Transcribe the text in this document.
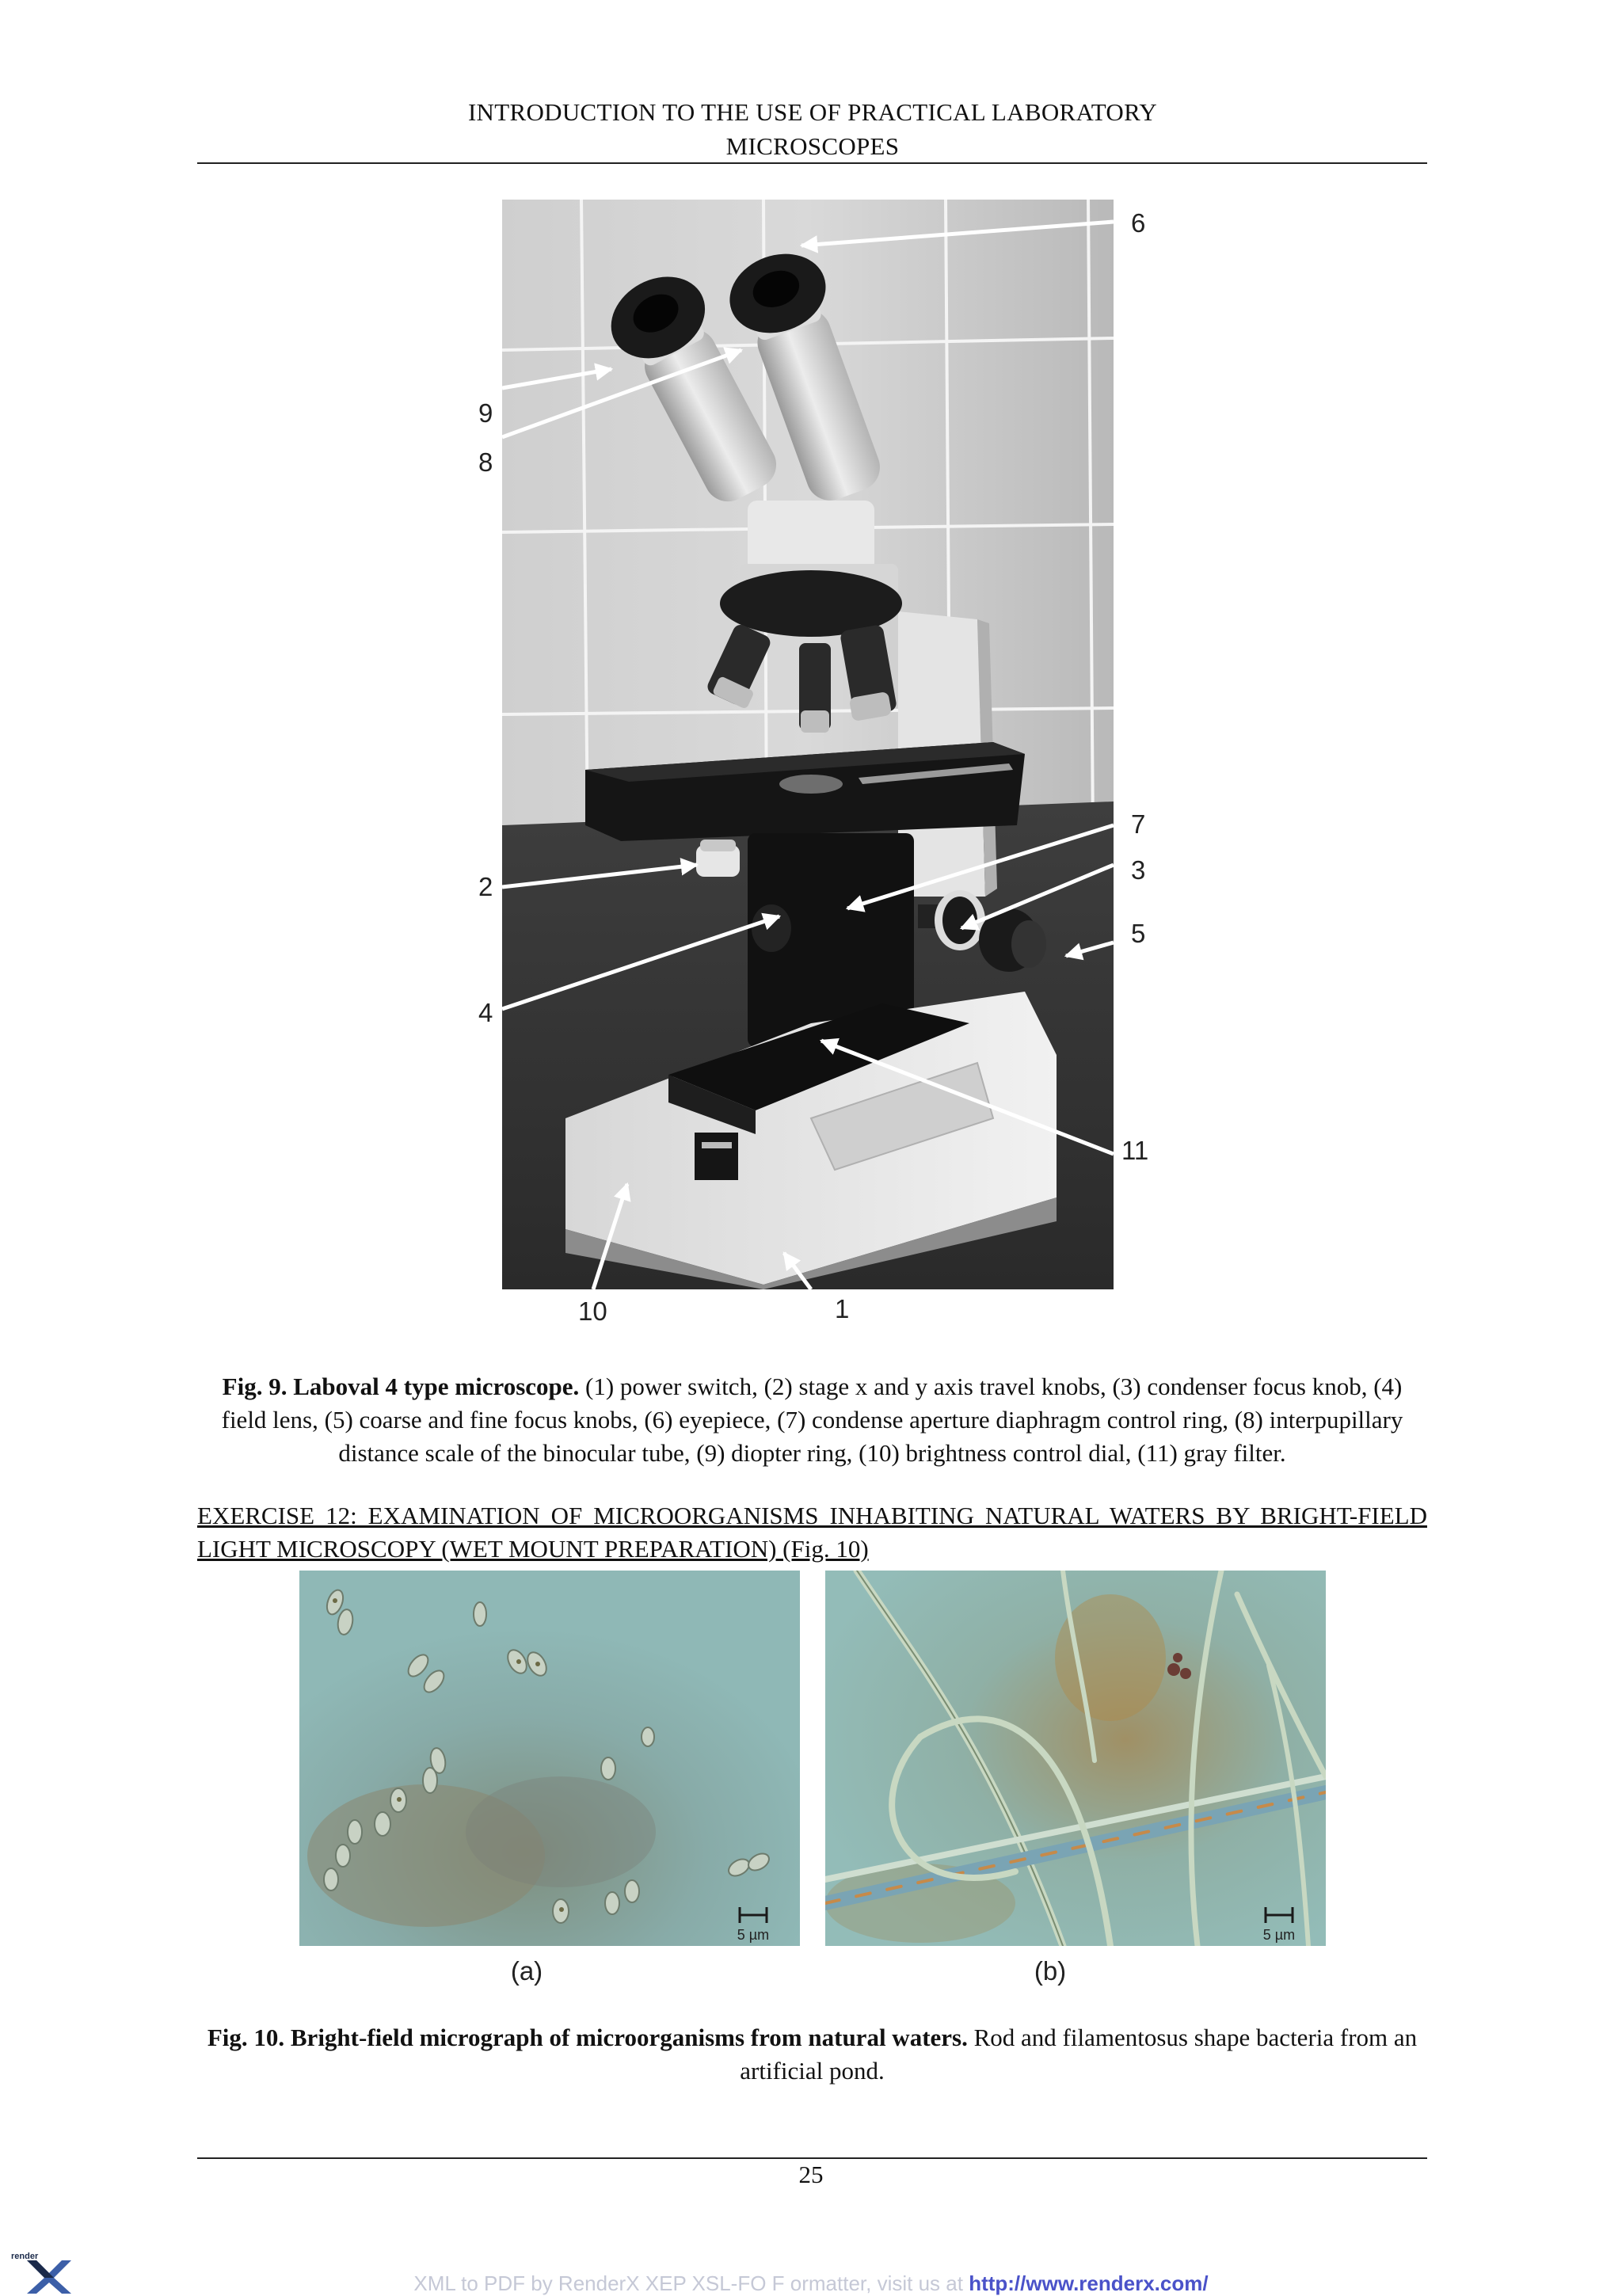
INTRODUCTION TO THE USE OF PRACTICAL LABORATORY
MICROSCOPES
6
9
8
7
3
2
5
4
11
10	1
Fig. 9. Laboval 4 type microscope. (1) power switch, (2) stage x and y axis travel knobs, (3) condenser focus knob, (4) field lens, (5) coarse and fine focus knobs, (6) eyepiece, (7) condense aperture diaphragm control ring, (8) interpupillary distance scale of the binocular tube, (9) diopter ring, (10) brightness control dial, (11) gray filter.
EXERCISE 12: EXAMINATION OF MICROORGANISMS INHABITING NATURAL WATERS BY BRIGHT-FIELD LIGHT MICROSCOPY (WET MOUNT PREPARATION) (Fig. 10)
5 µm	5 µm
(a)	(b)
Fig. 10. Bright-field micrograph of microorganisms from natural waters. Rod and filamentosus shape bacteria from an artificial pond.
25
render
XML to PDF by RenderX XEP XSL-FO F ormatter, visit us at http://www.renderx.com/
